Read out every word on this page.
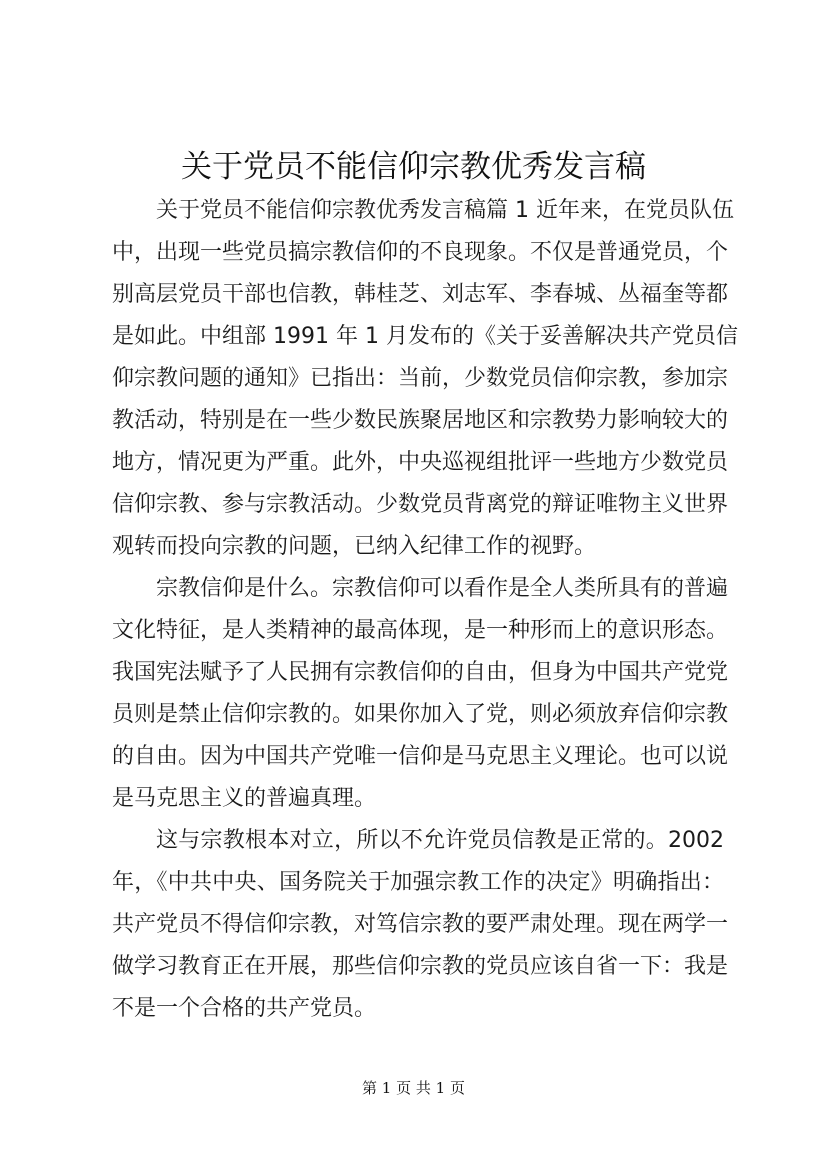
关于党员不能信仰宗教优秀发言稿
关于党员不能信仰宗教优秀发言稿篇 1 近年来，在党员队伍
中，出现一些党员搞宗教信仰的不良现象。不仅是普通党员，个
别高层党员干部也信教，韩桂芝、刘志军、李春城、丛福奎等都
是如此。中组部 1991 年 1 月发布的《关于妥善解决共产党员信
仰宗教问题的通知》已指出：当前，少数党员信仰宗教，参加宗
教活动，特别是在一些少数民族聚居地区和宗教势力影响较大的
地方，情况更为严重。此外，中央巡视组批评一些地方少数党员
信仰宗教、参与宗教活动。少数党员背离党的辩证唯物主义世界
观转而投向宗教的问题，已纳入纪律工作的视野。
宗教信仰是什么。宗教信仰可以看作是全人类所具有的普遍
文化特征，是人类精神的最高体现，是一种形而上的意识形态。
我国宪法赋予了人民拥有宗教信仰的自由，但身为中国共产党党
员则是禁止信仰宗教的。如果你加入了党，则必须放弃信仰宗教
的自由。因为中国共产党唯一信仰是马克思主义理论。也可以说
是马克思主义的普遍真理。
这与宗教根本对立，所以不允许党员信教是正常的。2002
年，《中共中央、国务院关于加强宗教工作的决定》明确指出：
共产党员不得信仰宗教，对笃信宗教的要严肃处理。现在两学一
做学习教育正在开展，那些信仰宗教的党员应该自省一下：我是
不是一个合格的共产党员。
第 1 页 共 1 页
